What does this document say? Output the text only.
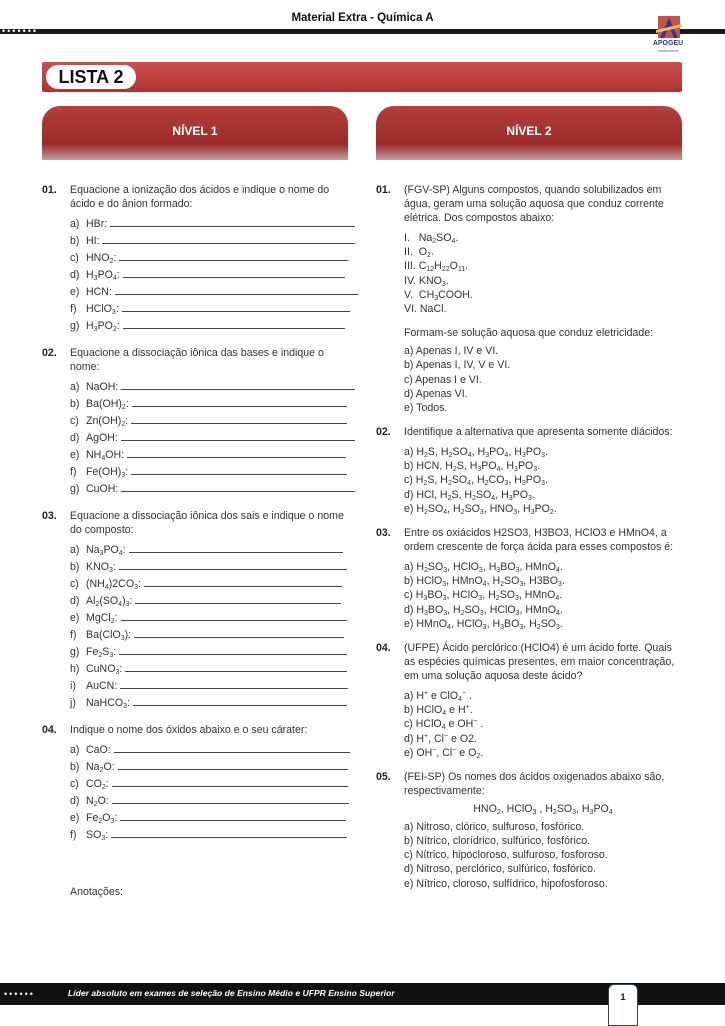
Material Extra - Química A
•••••••
APOGEU
vestibulares
LISTA 2
NÍVEL 1	NÍVEL 2
01. Equacione a ionização dos ácidos e indique o nome do ácido e do ânion formado:
a)HBr:
b)HI:
$c)HNO_2$:
$d)H_3PO_4$:
e)HCN:
f)HClO$_3$:
$g)H_3PO_2$:
02. Equacione a dissociação iônica das bases e indique o nome:
a)NaOH:
$b)Ba(OH)_2$:
$c)Zn(OH)_2$:
d)AgOH:
$e)NH_4OH$:
$f)Fe(OH)_3$:
g)CuOH:
03. Equacione a dissociação iônica dos sais e indique o nome do composto:
$a)Na_3PO_4$:
$b)KNO_3$:
$c)(NH_4)2CO_3$:
$d)Al_2(SO_4)_3$:
e)MgCl$_2$:
f)Ba(ClO$_3$):
$g)Fe_2S_3$:
h)CuNO$_3$:
i)AuCN:
j)NaHCO$_3$:
04. Indique o nome dos óxidos abaixo e o seu cárater:
a)CaO:
$b)Na_2O$:
$c)CO_2$:
$d)N_2O$:
$e)Fe_2O_3$:
$f)SO_3$:
Anotações:
01. (FGV-SP) Alguns compostos, quando solubilizados em água, geram uma solução aquosa que conduz corrente elétrica. Dos compostos abaixo:
I.   $Na_2SO_4$.
II.  $O_2$.
III. $C_{12}H_{22}O_{11}$.
IV. $KNO_3$.
V.  $CH_3COOH$.
VI. NaCl.
Formam-se solução aquosa que conduz eletricidade:
a) Apenas I, IV e VI.
b) Apenas I, IV, V e VI.
c) Apenas I e VI.
d) Apenas VI.
e) Todos.
02. Identifique a alternativa que apresenta somente diácidos:
a) $H_2S$, $H_2SO_4$, $H_3PO_4$, $H_3PO_3$.
b) HCN, $H_2S$, $H_3PO_4$, $H_3PO_3$.
c) $H_2S$, $H_2SO_4$, $H_2CO_3$, $H_3PO_3$.
d) HCl, $H_2S$, $H_2SO_4$, $H_3PO_3$.
e) $H_2SO_4$, $H_2SO_3$, $HNO_3$, $H_3PO_2$.
03. Entre os oxiácidos H2SO3, H3BO3, HClO3 e HMnO4, a ordem crescente de força ácida para esses compostos é:
a) $H_2SO_3$, HClO$_3$, $H_3BO_3$, HMnO$_4$.
b) HClO$_3$, HMnO$_4$, $H_2SO_3$, $H3BO_3$.
c) $H_3BO_3$, HClO$_3$, $H_2SO_3$, HMnO$_4$.
d) $H_3BO_3$, $H_2SO_3$, HClO$_3$, HMnO$_4$.
e) HMnO$_4$, HClO$_3$, $H_3BO_3$, $H_2SO_3$.
04. (UFPE) Ácido perclórico (HClO4) é um ácido forte. Quais as espécies químicas presentes, em maior concentração, em uma solução aquosa deste ácido?
a) H+ e ClO$_4$− .
b) HClO$_4$ e H+.
c) HClO$_4$ e OH− .
d) H+, Cl− e O2.
e) OH−, Cl− e $O_2$.
05. (FEI-SP) Os nomes dos ácidos oxigenados abaixo são, respectivamente:
$HNO_2$, HClO$_3$ , $H_2SO_3$, $H_3PO_4$
a) Nitroso, clórico, sulfuroso, fosfórico.
b) Nítrico, clorídrico, sulfúrico, fosfórico.
c) Nítrico, hipocloroso, sulfuroso, fosforoso.
d) Nitroso, perclórico, sulfúrico, fosfórico.
e) Nítrico, cloroso, sulfídrico, hipofosforoso.
••••••	Líder absoluto em exames de seleção de Ensino Médio e UFPR Ensino Superior	1
